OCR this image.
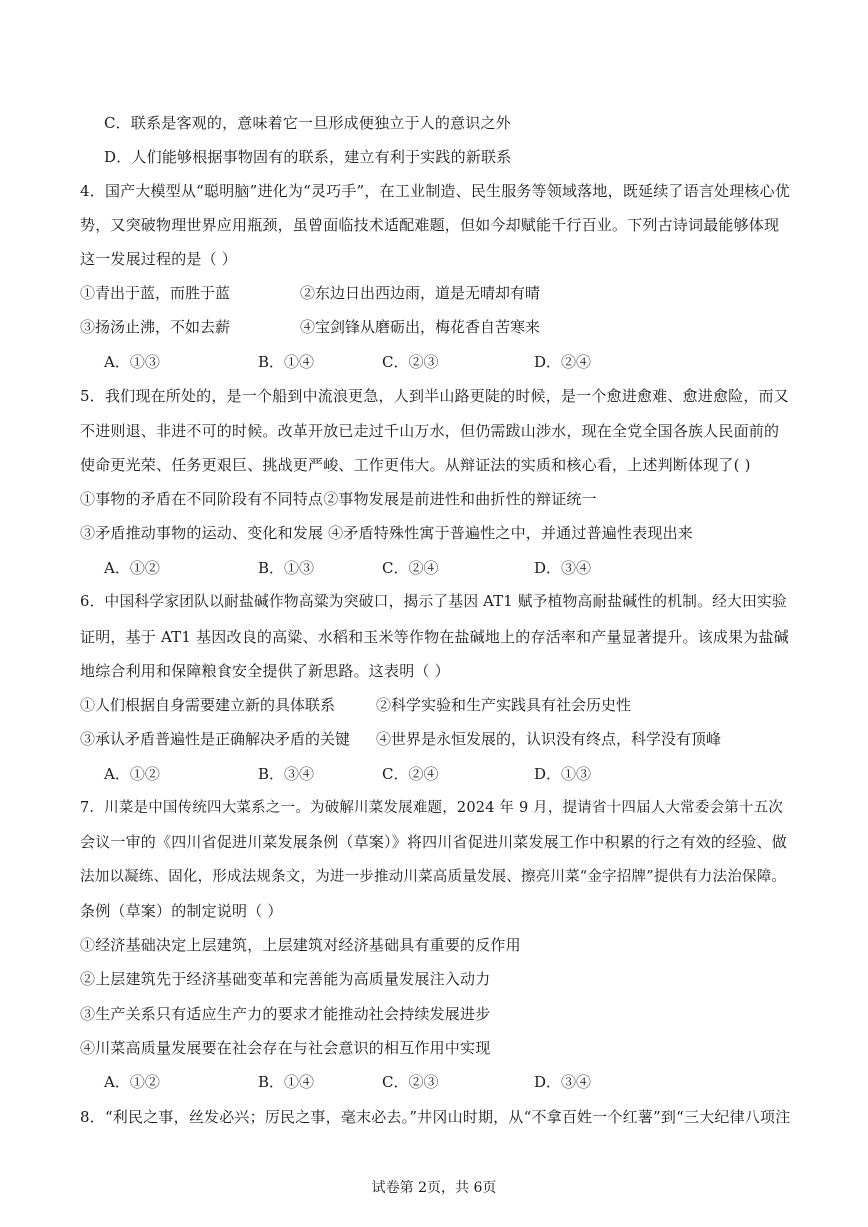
C．联系是客观的，意味着它一旦形成便独立于人的意识之外
D．人们能够根据事物固有的联系，建立有利于实践的新联系
4．国产大模型从“聪明脑”进化为“灵巧手”，在工业制造、民生服务等领域落地，既延续了语言处理核心优
势，又突破物理世界应用瓶颈，虽曾面临技术适配难题，但如今却赋能千行百业。下列古诗词最能够体现
这一发展过程的是（ ）
①青出于蓝，而胜于蓝	②东边日出西边雨，道是无晴却有晴
③扬汤止沸，不如去薪	④宝剑锋从磨砺出，梅花香自苦寒来
A．①③	B．①④	C．②③	D．②④
5．我们现在所处的，是一个船到中流浪更急，人到半山路更陡的时候，是一个愈进愈难、愈进愈险，而又
不进则退、非进不可的时候。改革开放已走过千山万水，但仍需跋山涉水，现在全党全国各族人民面前的
使命更光荣、任务更艰巨、挑战更严峻、工作更伟大。从辩证法的实质和核心看，上述判断体现了( )
①事物的矛盾在不同阶段有不同特点②事物发展是前进性和曲折性的辩证统一
③矛盾推动事物的运动、变化和发展 ④矛盾特殊性寓于普遍性之中，并通过普遍性表现出来
A．①②	B．①③	C．②④	D．③④
6．中国科学家团队以耐盐碱作物高粱为突破口，揭示了基因 AT1 赋予植物高耐盐碱性的机制。经大田实验
证明，基于 AT1 基因改良的高粱、水稻和玉米等作物在盐碱地上的存活率和产量显著提升。该成果为盐碱
地综合利用和保障粮食安全提供了新思路。这表明（ ）
①人们根据自身需要建立新的具体联系	②科学实验和生产实践具有社会历史性
③承认矛盾普遍性是正确解决矛盾的关键 ④世界是永恒发展的，认识没有终点，科学没有顶峰
A．①②	B．③④	C．②④	D．①③
7．川菜是中国传统四大菜系之一。为破解川菜发展难题，2024 年 9 月，提请省十四届人大常委会第十五次
会议一审的《四川省促进川菜发展条例（草案）》将四川省促进川菜发展工作中积累的行之有效的经验、做
法加以凝练、固化，形成法规条文，为进一步推动川菜高质量发展、擦亮川菜“金字招牌”提供有力法治保障。
条例（草案）的制定说明（ ）
①经济基础决定上层建筑，上层建筑对经济基础具有重要的反作用
②上层建筑先于经济基础变革和完善能为高质量发展注入动力
③生产关系只有适应生产力的要求才能推动社会持续发展进步
④川菜高质量发展要在社会存在与社会意识的相互作用中实现
A．①②	B．①④	C．②③	D．③④
8．“利民之事，丝发必兴；厉民之事，毫末必去。”井冈山时期，从“不拿百姓一个红薯”到“三大纪律八项注
试卷第 2页，共 6页
